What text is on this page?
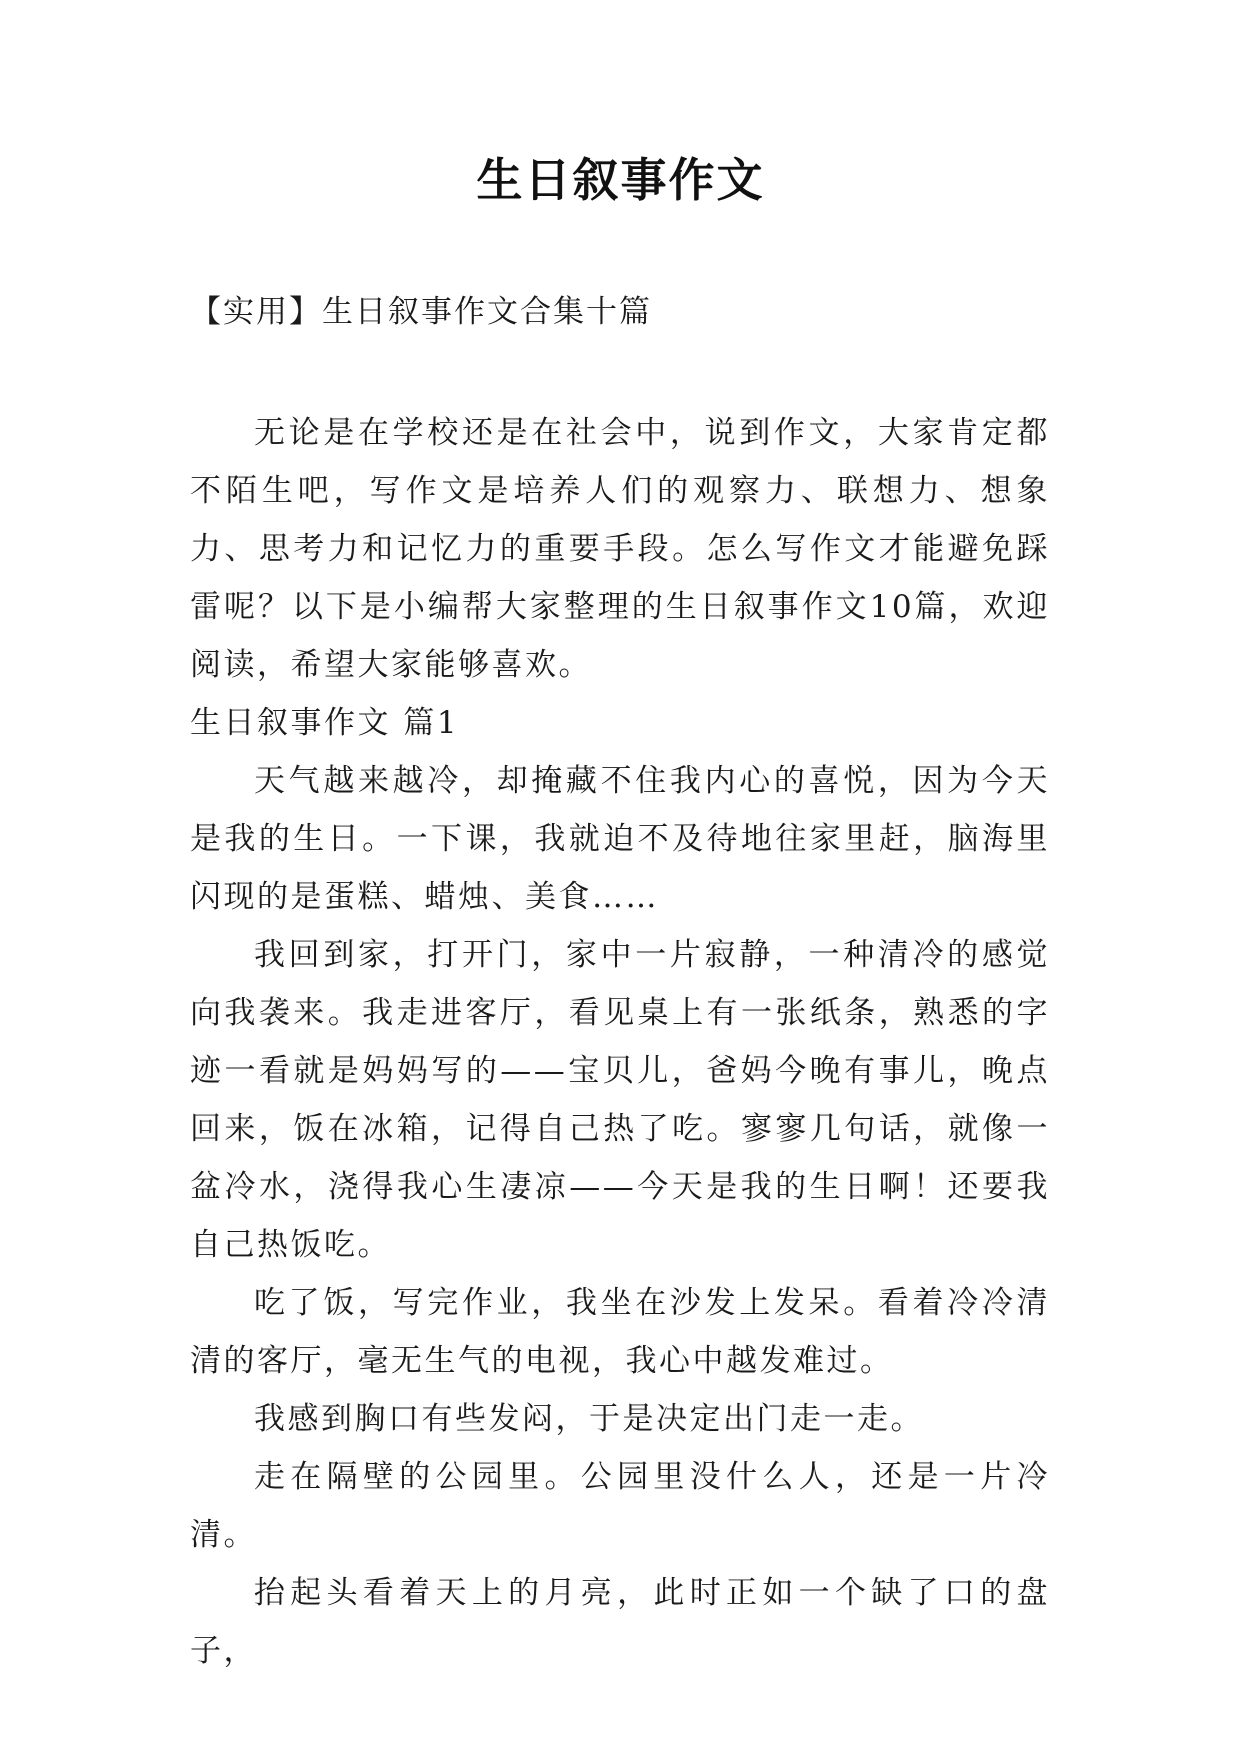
生日叙事作文
【实用】生日叙事作文合集十篇

无论是在学校还是在社会中，说到作文，大家肯定都不陌生吧，写作文是培养人们的观察力、联想力、想象力、思考力和记忆力的重要手段。怎么写作文才能避免踩雷呢？以下是小编帮大家整理的生日叙事作文10篇，欢迎阅读，希望大家能够喜欢。

生日叙事作文 篇1

天气越来越冷，却掩藏不住我内心的喜悦，因为今天是我的生日。一下课，我就迫不及待地往家里赶，脑海里闪现的是蛋糕、蜡烛、美食……

我回到家，打开门，家中一片寂静，一种清冷的感觉向我袭来。我走进客厅，看见桌上有一张纸条，熟悉的字迹一看就是妈妈写的——宝贝儿，爸妈今晚有事儿，晚点回来，饭在冰箱，记得自己热了吃。寥寥几句话，就像一盆冷水，浇得我心生凄凉——今天是我的生日啊！还要我自己热饭吃。

吃了饭，写完作业，我坐在沙发上发呆。看着冷冷清清的客厅，毫无生气的电视，我心中越发难过。

我感到胸口有些发闷，于是决定出门走一走。

走在隔壁的公园里。公园里没什么人，还是一片冷清。

抬起头看着天上的月亮，此时正如一个缺了口的盘子，
